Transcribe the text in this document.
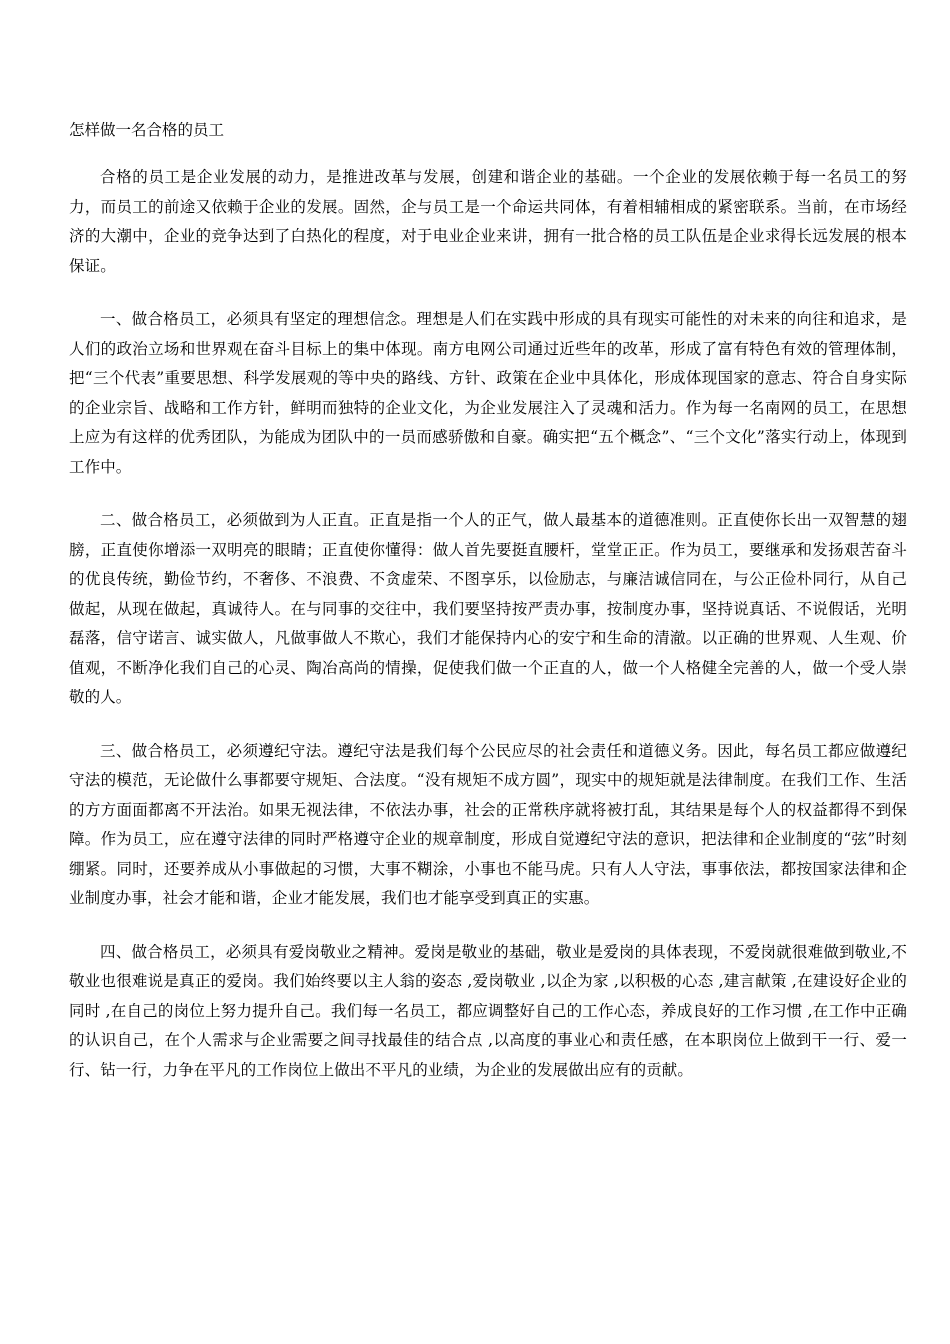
怎样做一名合格的员工

合格的员工是企业发展的动力，是推进改革与发展，创建和谐企业的基础。一个企业的发展依赖于每一名员工的努力，而员工的前途又依赖于企业的发展。固然，企与员工是一个命运共同体，有着相辅相成的紧密联系。当前，在市场经济的大潮中，企业的竞争达到了白热化的程度，对于电业企业来讲，拥有一批合格的员工队伍是企业求得长远发展的根本保证。

一、做合格员工，必须具有坚定的理想信念。理想是人们在实践中形成的具有现实可能性的对未来的向往和追求，是人们的政治立场和世界观在奋斗目标上的集中体现。南方电网公司通过近些年的改革，形成了富有特色有效的管理体制，把“三个代表”重要思想、科学发展观的等中央的路线、方针、政策在企业中具体化，形成体现国家的意志、符合自身实际的企业宗旨、战略和工作方针，鲜明而独特的企业文化，为企业发展注入了灵魂和活力。作为每一名南网的员工，在思想上应为有这样的优秀团队，为能成为团队中的一员而感骄傲和自豪。确实把“五个概念”、“三个文化”落实行动上，体现到工作中。

二、做合格员工，必须做到为人正直。正直是指一个人的正气，做人最基本的道德准则。正直使你长出一双智慧的翅膀，正直使你增添一双明亮的眼睛；正直使你懂得：做人首先要挺直腰杆，堂堂正正。作为员工，要继承和发扬艰苦奋斗的优良传统，勤俭节约，不奢侈、不浪费、不贪虚荣、不图享乐，以俭励志，与廉洁诚信同在，与公正俭朴同行，从自己做起，从现在做起，真诚待人。在与同事的交往中，我们要坚持按严责办事，按制度办事，坚持说真话、不说假话，光明磊落，信守诺言、诚实做人，凡做事做人不欺心，我们才能保持内心的安宁和生命的清澈。以正确的世界观、人生观、价值观，不断净化我们自己的心灵、陶冶高尚的情操，促使我们做一个正直的人，做一个人格健全完善的人，做一个受人崇敬的人。

三、做合格员工，必须遵纪守法。遵纪守法是我们每个公民应尽的社会责任和道德义务。因此，每名员工都应做遵纪守法的模范，无论做什么事都要守规矩、合法度。“没有规矩不成方圆”，现实中的规矩就是法律制度。在我们工作、生活的方方面面都离不开法治。如果无视法律，不依法办事，社会的正常秩序就将被打乱，其结果是每个人的权益都得不到保障。作为员工，应在遵守法律的同时严格遵守企业的规章制度，形成自觉遵纪守法的意识，把法律和企业制度的“弦”时刻绷紧。同时，还要养成从小事做起的习惯，大事不糊涂，小事也不能马虎。只有人人守法，事事依法，都按国家法律和企业制度办事，社会才能和谐，企业才能发展，我们也才能享受到真正的实惠。

四、做合格员工，必须具有爱岗敬业之精神。爱岗是敬业的基础，敬业是爱岗的具体表现，不爱岗就很难做到敬业,不敬业也很难说是真正的爱岗。我们始终要以主人翁的姿态 ,爱岗敬业 ,以企为家 ,以积极的心态 ,建言献策 ,在建设好企业的同时 ,在自己的岗位上努力提升自己。我们每一名员工，都应调整好自己的工作心态，养成良好的工作习惯 ,在工作中正确的认识自己，在个人需求与企业需要之间寻找最佳的结合点 ,以高度的事业心和责任感，在本职岗位上做到干一行、爱一行、钻一行，力争在平凡的工作岗位上做出不平凡的业绩，为企业的发展做出应有的贡献。
